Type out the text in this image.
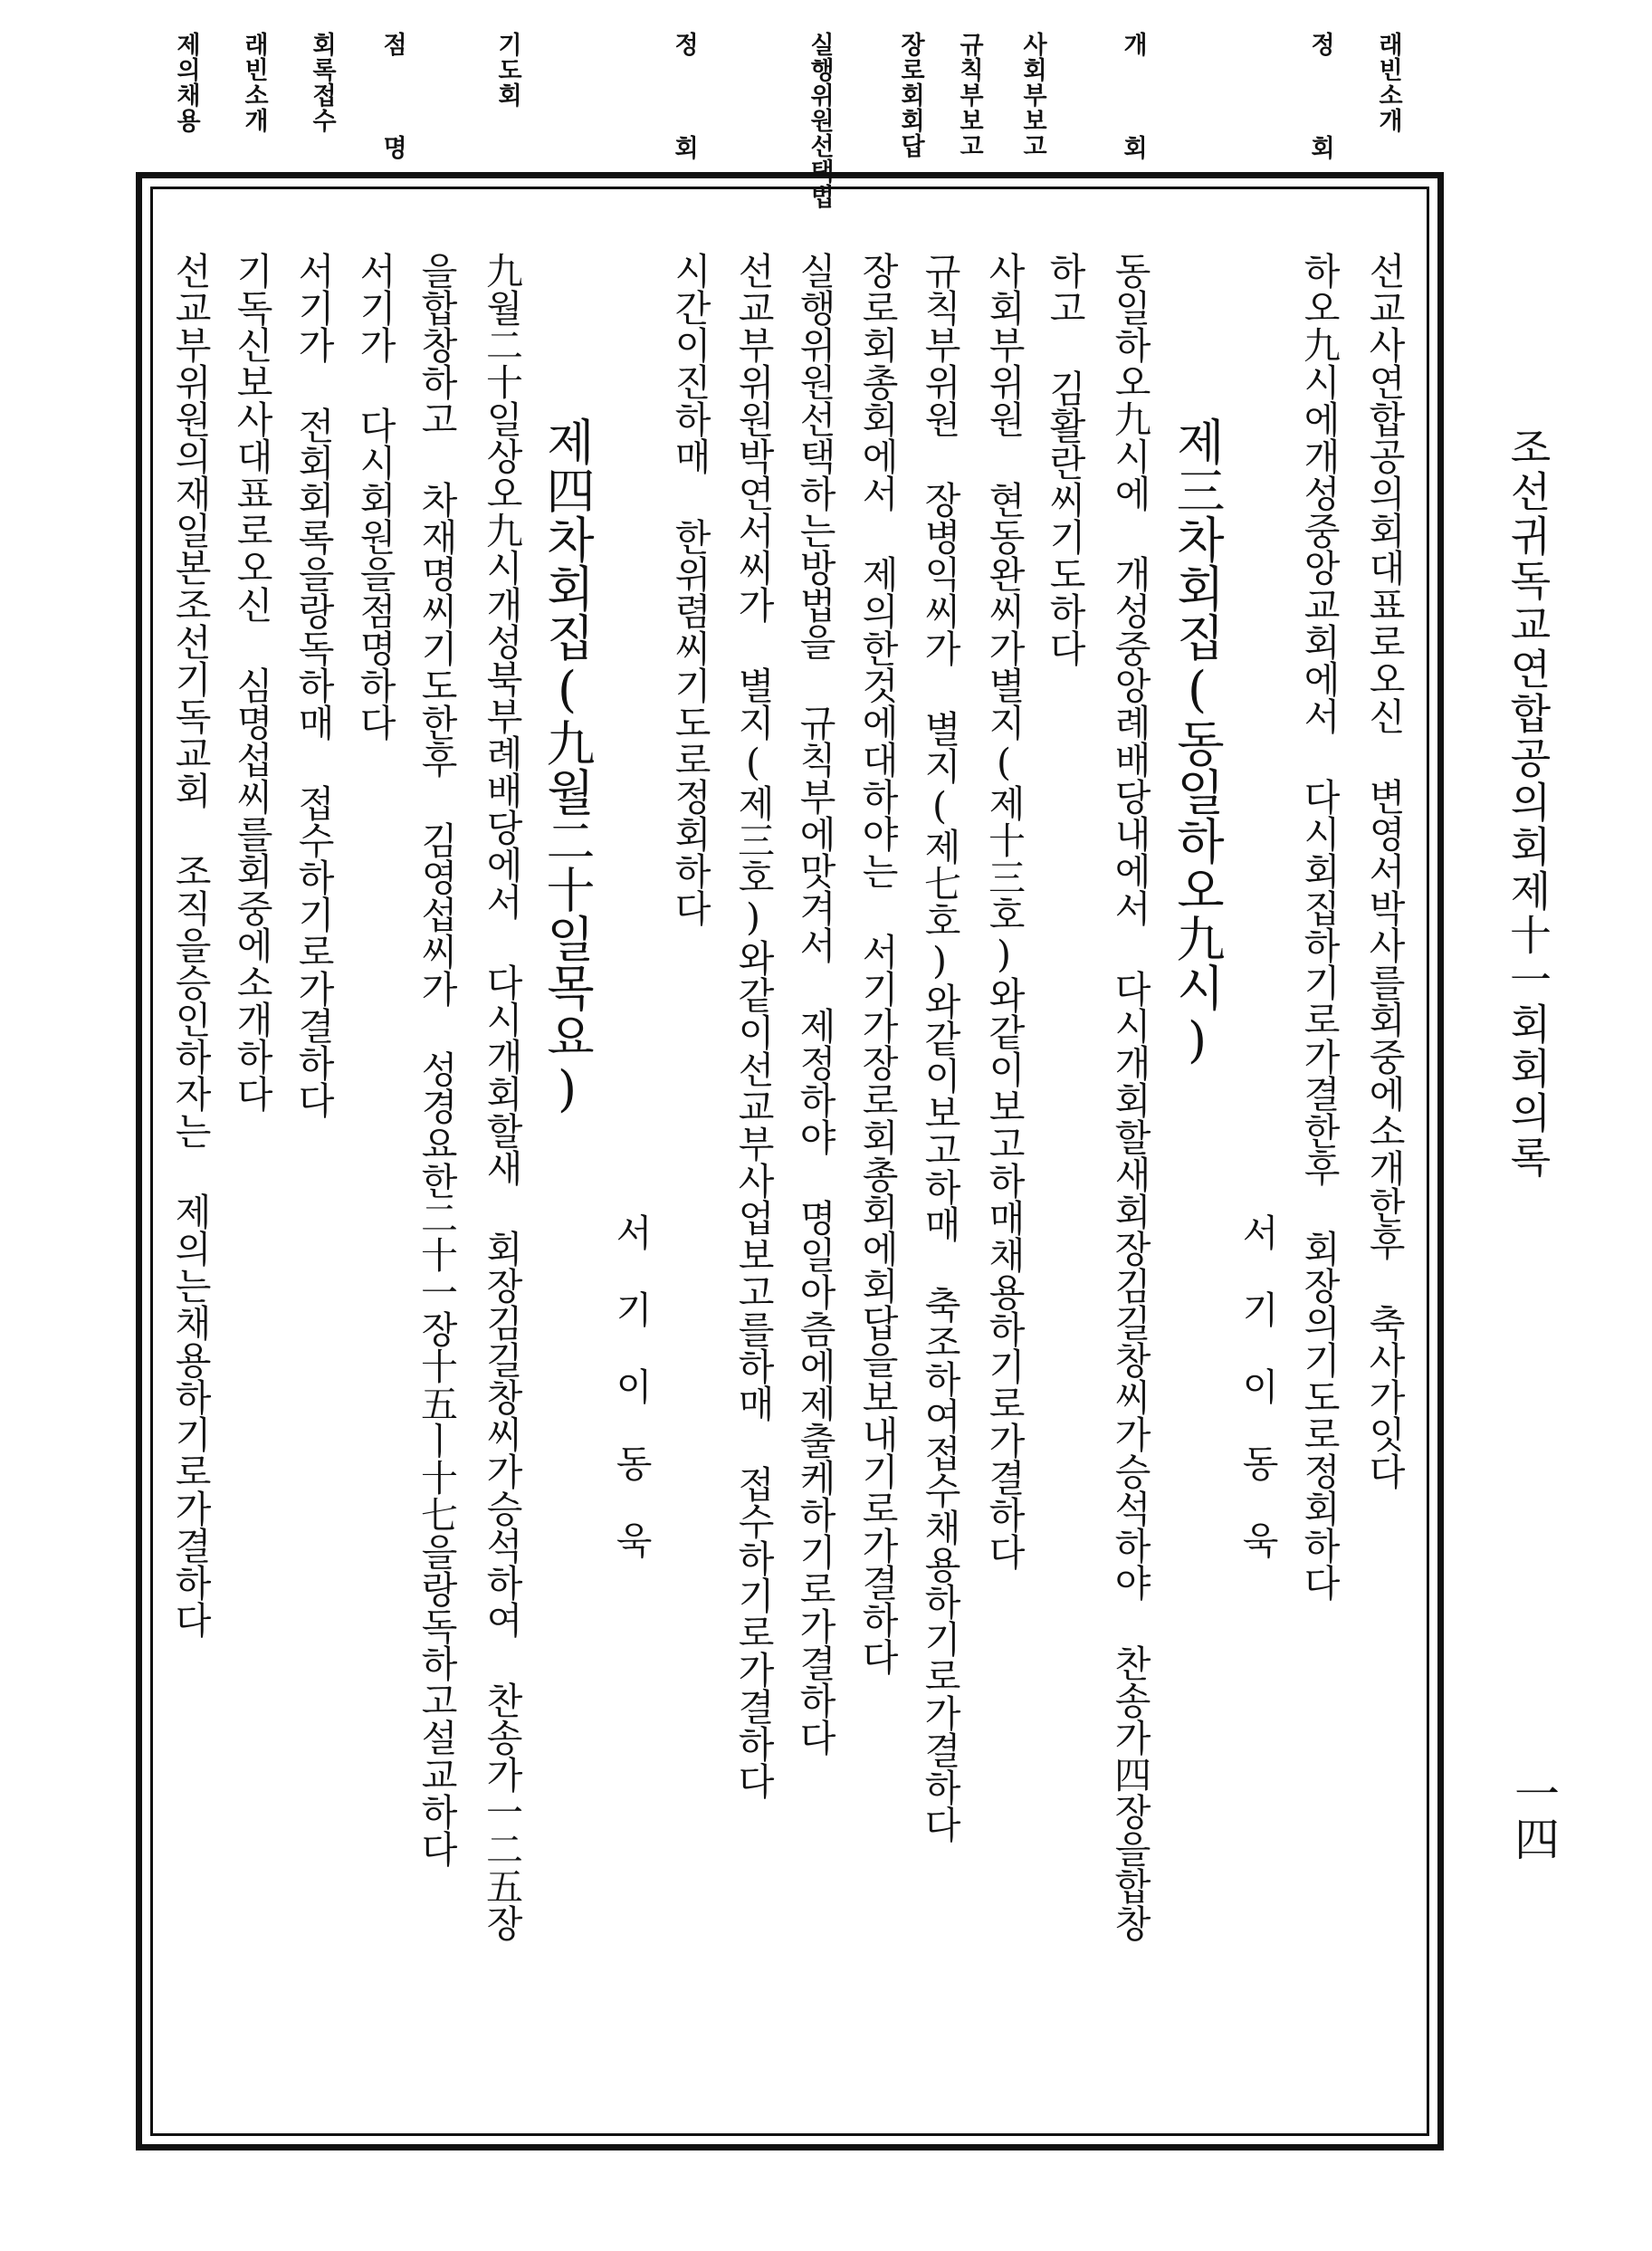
조선귀독교연합공의회제十一회회의록
一四
래빈소개
정 회
개 회
사회부보고
규칙부보고
장로회회답
실행위원선택법
정 회
기도회
점 명
회록접수
래빈소개
제의채용
선교사연합공의회대표로오신 변영서박사를회중에소개한후 축사가잇다
하오九시에개성중앙교회에서 다시회집하기로가결한후 회장의기도로정회하다
서기이동욱
제三차회집(동일하오九시)
동일하오九시에 개성중앙례배당내에서 다시개회할새회장김길창씨가승석하야 찬송가四장을합창
하고 김활란씨기도하다
사회부위원 현동완씨가별지(제十三호)와같이보고하매채용하기로가결하다
규칙부위원 장병익씨가 별지(제七호)와같이보고하매 축조하여접수채용하기로가결하다
장로회총회에서 제의한것에대하야는 서기가장로회총회에회답을보내기로가결하다
실행위원선택하는방법을 규칙부에맛겨서 제정하야 명일아츰에제출케하기로가결하다
선교부위원박연서씨가 별지(제三호)와같이선교부사업보고를하매 접수하기로가결하다
시간이진하매 한위렴씨기도로정회하다
서기이동욱
제四차회집(九월二十일목요)
九월二十일상오九시개성북부례배당에서 다시개회할새 회장김길창씨가승석하여 찬송가一二五장
을합창하고 차재명씨기도한후 김영섭씨가 성경요한二十一장十五ㅣ十七을랑독하고설교하다
서기가 다시회원을점명하다
서기가 전회회록을랑독하매 접수하기로가결하다
기독신보사대표로오신 심명섭씨를회중에소개하다
선교부위원의재일본조선기독교회 조직을승인하자는 제의는채용하기로가결하다
